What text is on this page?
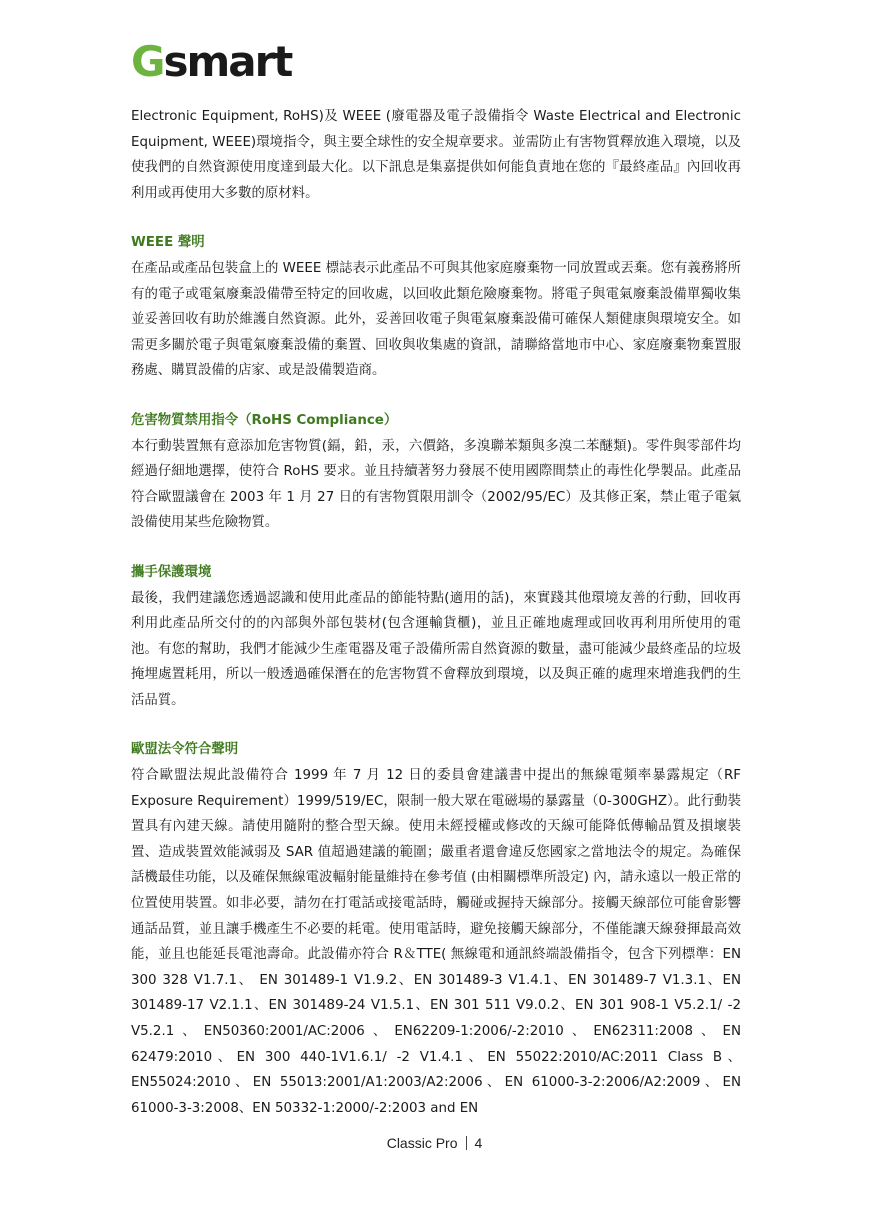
Gsmart

Electronic Equipment, RoHS)及 WEEE (廢電器及電子設備指令 Waste Electrical and Electronic Equipment, WEEE)環境指令，與主要全球性的安全規章要求。並需防止有害物質釋放進入環境，以及使我們的自然資源使用度達到最大化。以下訊息是集嘉提供如何能負責地在您的『最終產品』內回收再利用或再使用大多數的原材料。

WEEE 聲明

在產品或產品包裝盒上的 WEEE 標誌表示此產品不可與其他家庭廢棄物一同放置或丟棄。您有義務將所有的電子或電氣廢棄設備帶至特定的回收處，以回收此類危險廢棄物。將電子與電氣廢棄設備單獨收集並妥善回收有助於維護自然資源。此外，妥善回收電子與電氣廢棄設備可確保人類健康與環境安全。如需更多關於電子與電氣廢棄設備的棄置、回收與收集處的資訊，請聯絡當地市中心、家庭廢棄物棄置服務處、購買設備的店家、或是設備製造商。

危害物質禁用指令（RoHS Compliance）

本行動裝置無有意添加危害物質(鎘，鉛，汞，六價鉻，多溴聯苯類與多溴二苯醚類)。零件與零部件均經過仔細地選擇，使符合 RoHS 要求。並且持續著努力發展不使用國際間禁止的毒性化學製品。此產品符合歐盟議會在 2003 年 1 月 27 日的有害物質限用訓令（2002/95/EC）及其修正案，禁止電子電氣設備使用某些危險物質。

攜手保護環境

最後，我們建議您透過認識和使用此產品的節能特點(適用的話)，來實踐其他環境友善的行動，回收再利用此產品所交付的的內部與外部包裝材(包含運輸貨櫃)，並且正確地處理或回收再利用所使用的電池。有您的幫助，我們才能減少生產電器及電子設備所需自然資源的數量，盡可能減少最終產品的垃圾掩埋處置耗用，所以一般透過確保潛在的危害物質不會釋放到環境，以及與正確的處理來增進我們的生活品質。

歐盟法令符合聲明

符合歐盟法規此設備符合 1999 年 7 月 12 日的委員會建議書中提出的無線電頻率暴露規定（RF Exposure Requirement）1999/519/EC，限制一般大眾在電磁場的暴露量（0-300GHZ）。此行動裝置具有內建天線。請使用隨附的整合型天線。使用未經授權或修改的天線可能降低傳輸品質及損壞裝置、造成裝置效能減弱及 SAR 值超過建議的範圍；嚴重者還會違反您國家之當地法令的規定。為確保話機最佳功能，以及確保無線電波輻射能量維持在參考值 (由相關標準所設定) 內，請永遠以一般正常的位置使用裝置。如非必要，請勿在打電話或接電話時，觸碰或握持天線部分。接觸天線部位可能會影響通話品質，並且讓手機產生不必要的耗電。使用電話時，避免接觸天線部分，不僅能讓天線發揮最高效能，並且也能延長電池壽命。此設備亦符合 R＆TTE( 無線電和通訊終端設備指令，包含下列標準：EN 300 328 V1.7.1、 EN 301489-1 V1.9.2、EN 301489-3 V1.4.1、EN 301489-7 V1.3.1、EN 301489-17 V2.1.1、EN 301489-24 V1.5.1、EN 301 511 V9.0.2、EN 301 908-1 V5.2.1/ -2 V5.2.1、EN50360:2001/AC:2006、EN62209-1:2006/-2:2010、EN62311:2008、EN 62479:2010、EN 300 440-1V1.6.1/ -2 V1.4.1、EN 55022:2010/AC:2011 Class B、EN55024:2010、EN 55013:2001/A1:2003/A2:2006、EN 61000-3-2:2006/A2:2009、EN 61000-3-3:2008、EN 50332-1:2000/-2:2003 and EN

Classic Pro 4
